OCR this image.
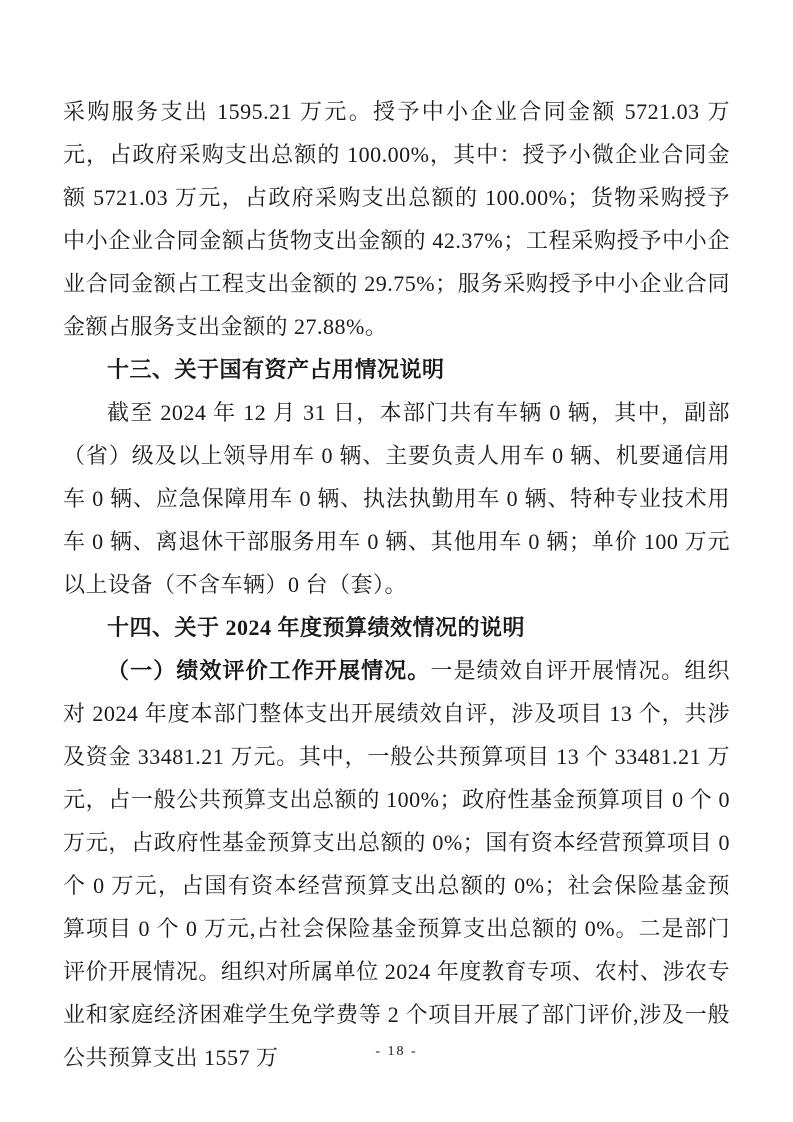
采购服务支出 1595.21 万元。授予中小企业合同金额 5721.03 万元，占政府采购支出总额的 100.00%，其中：授予小微企业合同金额 5721.03 万元，占政府采购支出总额的 100.00%；货物采购授予中小企业合同金额占货物支出金额的 42.37%；工程采购授予中小企业合同金额占工程支出金额的 29.75%；服务采购授予中小企业合同金额占服务支出金额的 27.88%。

十三、关于国有资产占用情况说明

截至 2024 年 12 月 31 日，本部门共有车辆 0 辆，其中，副部（省）级及以上领导用车 0 辆、主要负责人用车 0 辆、机要通信用车 0 辆、应急保障用车 0 辆、执法执勤用车 0 辆、特种专业技术用车 0 辆、离退休干部服务用车 0 辆、其他用车 0 辆；单价 100 万元以上设备（不含车辆）0 台（套）。

十四、关于 2024 年度预算绩效情况的说明

（一）绩效评价工作开展情况。一是绩效自评开展情况。组织对 2024 年度本部门整体支出开展绩效自评，涉及项目 13 个，共涉及资金 33481.21 万元。其中，一般公共预算项目 13 个 33481.21 万元，占一般公共预算支出总额的 100%；政府性基金预算项目 0 个 0 万元，占政府性基金预算支出总额的 0%；国有资本经营预算项目 0 个 0 万元，占国有资本经营预算支出总额的 0%；社会保险基金预算项目 0 个 0 万元,占社会保险基金预算支出总额的 0%。二是部门评价开展情况。组织对所属单位 2024 年度教育专项、农村、涉农专业和家庭经济困难学生免学费等 2 个项目开展了部门评价,涉及一般公共预算支出 1557 万	- 18 -
